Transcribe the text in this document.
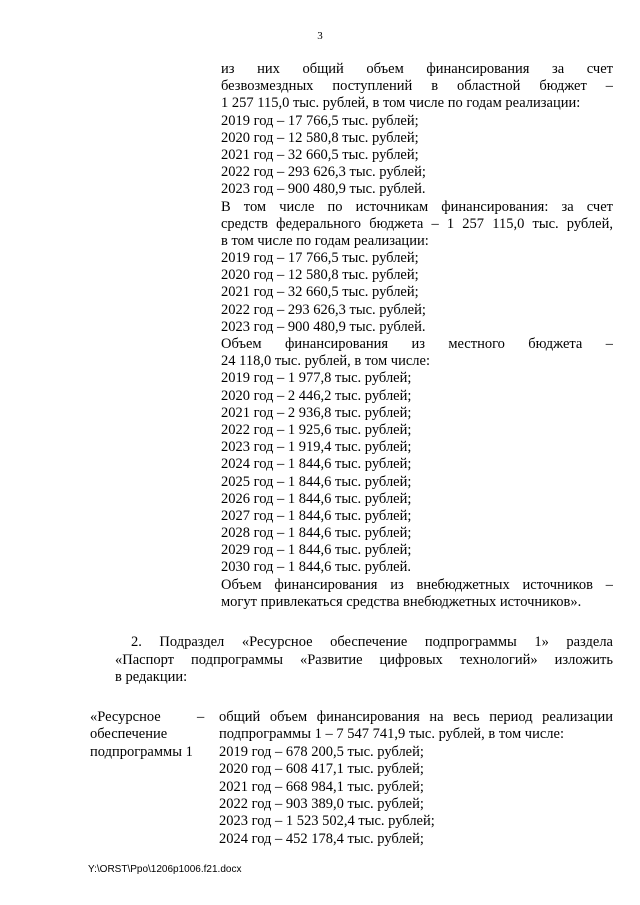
3
из них общий объем финансирования за счет
безвозмездных поступлений в областной бюджет –
1 257 115,0 тыс. рублей, в том числе по годам реализации:
2019 год – 17 766,5 тыс. рублей;
2020 год – 12 580,8 тыс. рублей;
2021 год – 32 660,5 тыс. рублей;
2022 год – 293 626,3 тыс. рублей;
2023 год – 900 480,9 тыс. рублей.
В том числе по источникам финансирования: за счет
средств федерального бюджета – 1 257 115,0 тыс. рублей,
в том числе по годам реализации:
2019 год – 17 766,5 тыс. рублей;
2020 год – 12 580,8 тыс. рублей;
2021 год – 32 660,5 тыс. рублей;
2022 год – 293 626,3 тыс. рублей;
2023 год – 900 480,9 тыс. рублей.
Объем финансирования из местного бюджета –
24 118,0 тыс. рублей, в том числе:
2019 год – 1 977,8 тыс. рублей;
2020 год – 2 446,2 тыс. рублей;
2021 год – 2 936,8 тыс. рублей;
2022 год – 1 925,6 тыс. рублей;
2023 год – 1 919,4 тыс. рублей;
2024 год – 1 844,6 тыс. рублей;
2025 год – 1 844,6 тыс. рублей;
2026 год – 1 844,6 тыс. рублей;
2027 год – 1 844,6 тыс. рублей;
2028 год – 1 844,6 тыс. рублей;
2029 год – 1 844,6 тыс. рублей;
2030 год – 1 844,6 тыс. рублей.
Объем финансирования из внебюджетных источников –
могут привлекаться средства внебюджетных источников».
2. Подраздел «Ресурсное обеспечение подпрограммы 1» раздела
«Паспорт подпрограммы «Развитие цифровых технологий» изложить
в редакции:
«Ресурсное
обеспечение
подпрограммы 1
– общий объем финансирования на весь период реализации
подпрограммы 1 – 7 547 741,9 тыс. рублей, в том числе:
2019 год – 678 200,5 тыс. рублей;
2020 год – 608 417,1 тыс. рублей;
2021 год – 668 984,1 тыс. рублей;
2022 год – 903 389,0 тыс. рублей;
2023 год – 1 523 502,4 тыс. рублей;
2024 год – 452 178,4 тыс. рублей;
Y:\ORST\Ppo\1206p1006.f21.docx
